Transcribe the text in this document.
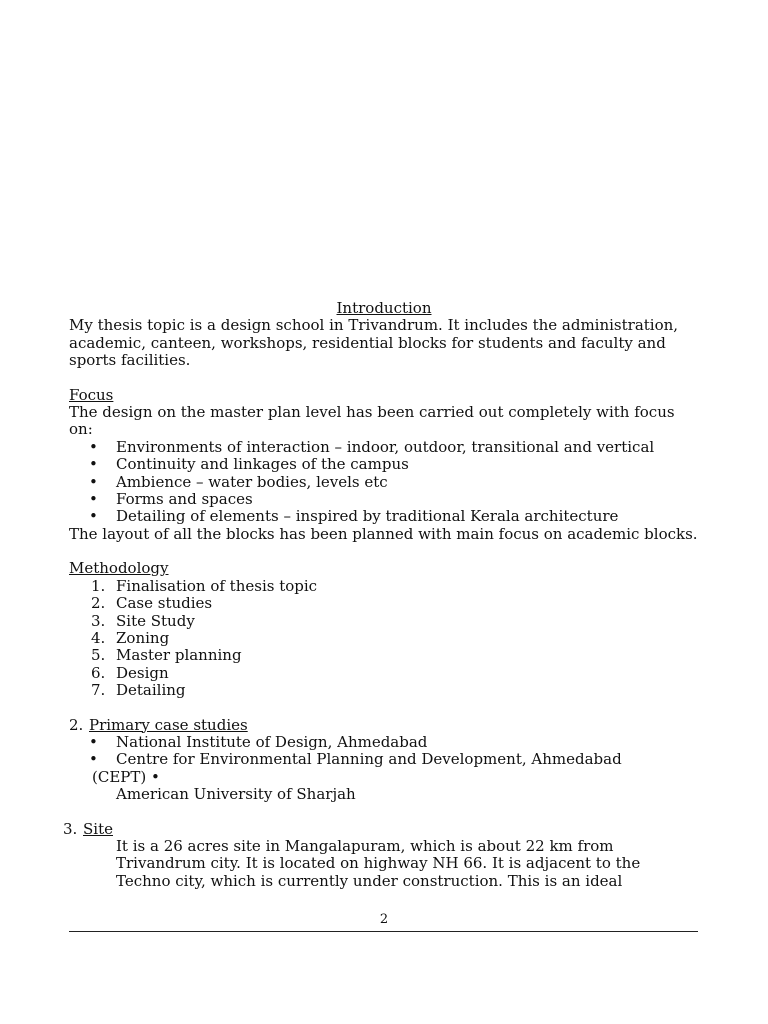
Introduction

My thesis topic is a design school in Trivandrum. It includes the administration, academic, canteen, workshops, residential blocks for students and faculty and sports facilities.

Focus

The design on the master plan level has been carried out completely with focus on:

• Environments of interaction – indoor, outdoor, transitional and vertical
• Continuity and linkages of the campus
• Ambience – water bodies, levels etc
• Forms and spaces
• Detailing of elements – inspired by traditional Kerala architecture

The layout of all the blocks has been planned with main focus on academic blocks.

Methodology

1. Finalisation of thesis topic
2. Case studies
3. Site Study
4. Zoning
5. Master planning
6. Design
7. Detailing

2. Primary case studies

• National Institute of Design, Ahmedabad
• Centre for Environmental Planning and Development, Ahmedabad

(CEPT) •

American University of Sharjah

3. Site

It is a 26 acres site in Mangalapuram, which is about 22 km from Trivandrum city. It is located on highway NH 66. It is adjacent to the Techno city, which is currently under construction. This is an ideal

2
